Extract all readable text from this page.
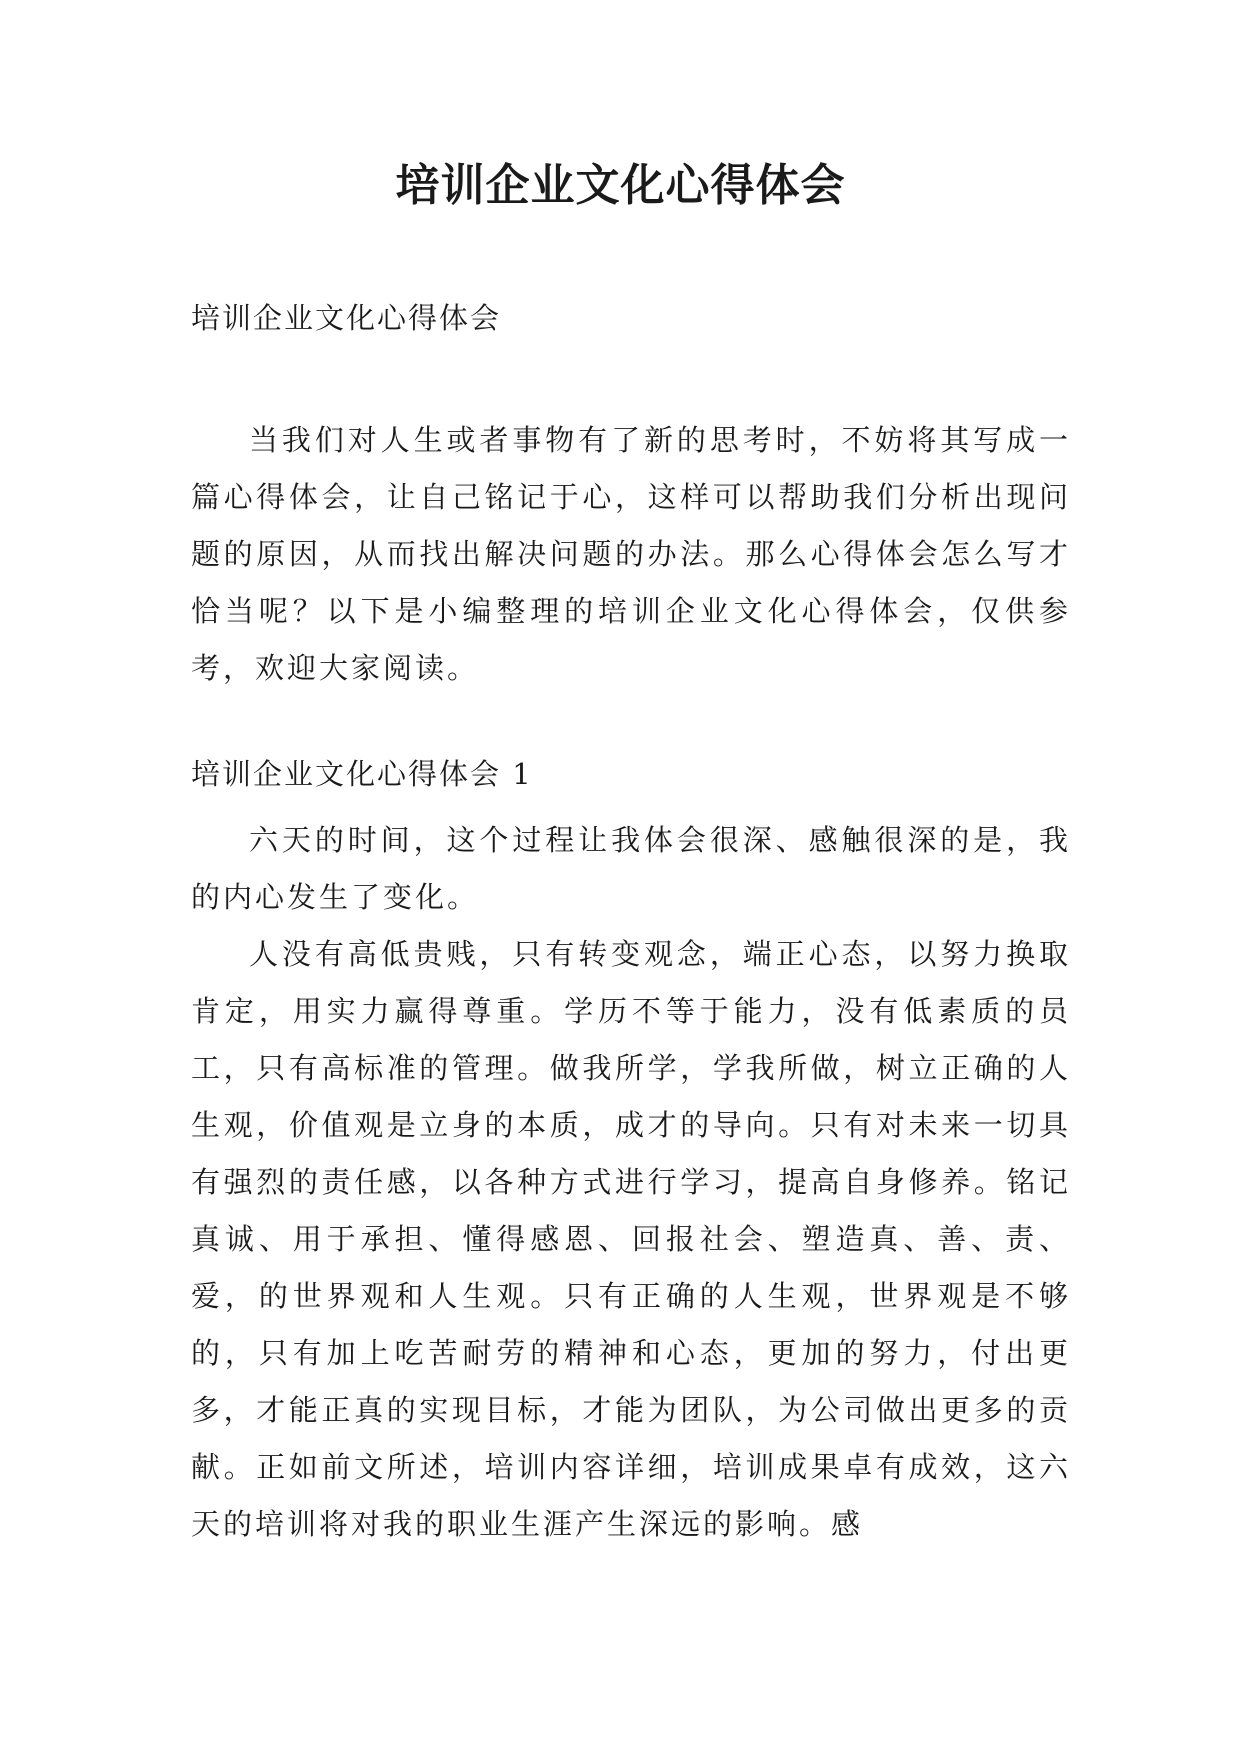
培训企业文化心得体会
培训企业文化心得体会

当我们对人生或者事物有了新的思考时，不妨将其写成一篇心得体会，让自己铭记于心，这样可以帮助我们分析出现问题的原因，从而找出解决问题的办法。那么心得体会怎么写才恰当呢？以下是小编整理的培训企业文化心得体会，仅供参考，欢迎大家阅读。

培训企业文化心得体会 1

六天的时间，这个过程让我体会很深、感触很深的是，我的内心发生了变化。

人没有高低贵贱，只有转变观念，端正心态，以努力换取肯定，用实力赢得尊重。学历不等于能力，没有低素质的员工，只有高标准的管理。做我所学，学我所做，树立正确的人生观，价值观是立身的本质，成才的导向。只有对未来一切具有强烈的责任感，以各种方式进行学习，提高自身修养。铭记真诚、用于承担、懂得感恩、回报社会、塑造真、善、责、爱，的世界观和人生观。只有正确的人生观，世界观是不够的，只有加上吃苦耐劳的精神和心态，更加的努力，付出更多，才能正真的实现目标，才能为团队，为公司做出更多的贡献。正如前文所述，培训内容详细，培训成果卓有成效，这六天的培训将对我的职业生涯产生深远的影响。感
